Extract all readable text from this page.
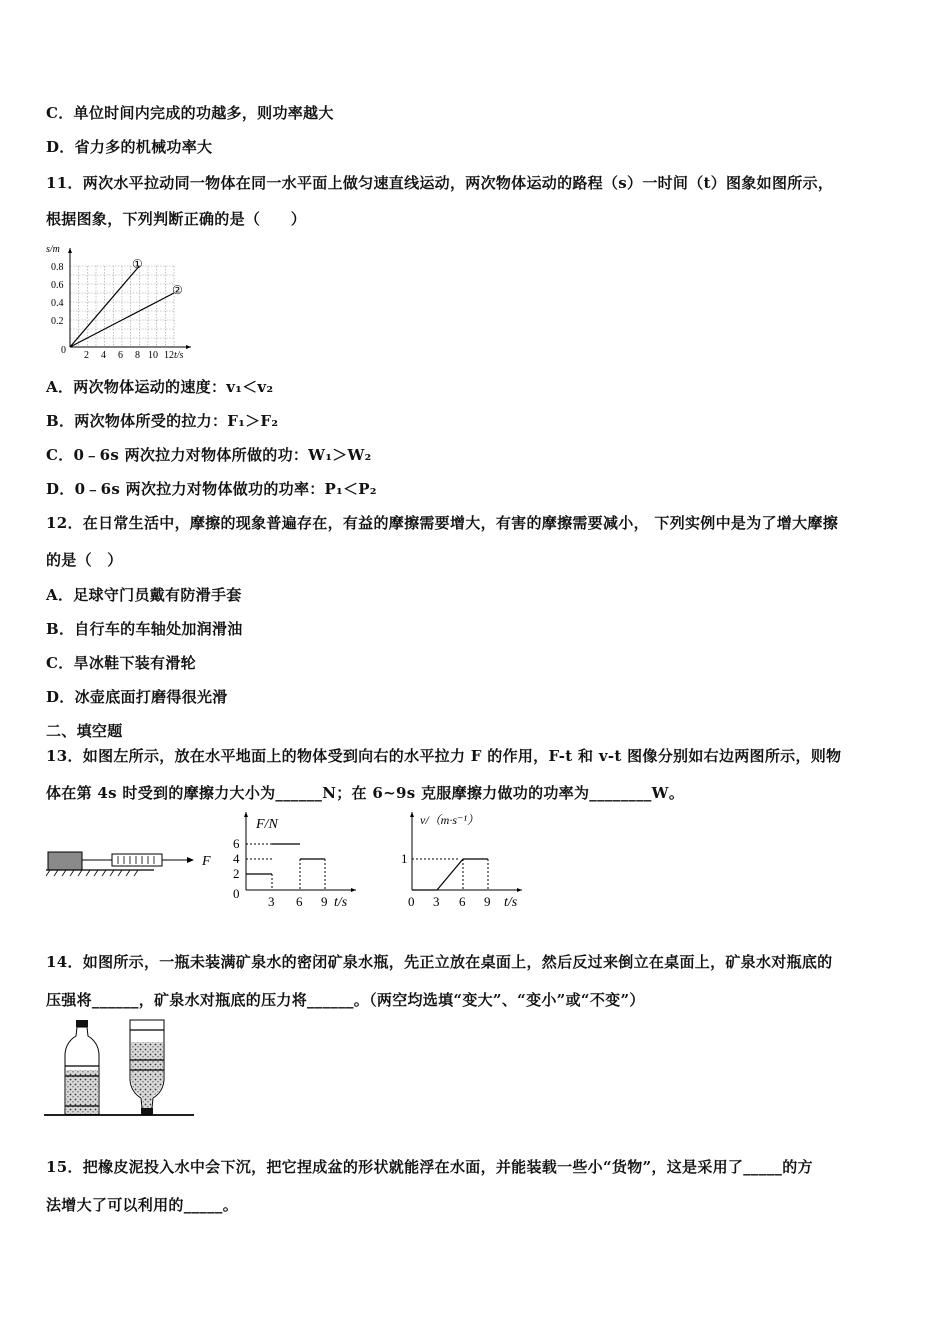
C．单位时间内完成的功越多，则功率越大
D．省力多的机械功率大
11．两次水平拉动同一物体在同一水平面上做匀速直线运动，两次物体运动的路程（s）一时间（t）图象如图所示，
根据图象，下列判断正确的是（　　）
s/m
t/s
0
0.8
0.6
0.4
0.2
2 4 6 8 10 12
①
②
A．两次物体运动的速度：v₁＜v₂
B．两次物体所受的拉力：F₁＞F₂
C．0﹣6s 两次拉力对物体所做的功：W₁＞W₂
D．0﹣6s 两次拉力对物体做功的功率：P₁＜P₂
12．在日常生活中，摩擦的现象普遍存在，有益的摩擦需要增大，有害的摩擦需要减小， 下列实例中是为了增大摩擦
的是（　）
A．足球守门员戴有防滑手套
B．自行车的车轴处加润滑油
C．旱冰鞋下装有滑轮
D．冰壶底面打磨得很光滑
二、填空题
13．如图左所示，放在水平地面上的物体受到向右的水平拉力 F 的作用，F-t 和 v-t 图像分别如右边两图所示，则物
体在第 4s 时受到的摩擦力大小为______N；在 6~9s 克服摩擦力做功的功率为________W。
F
F/N
t/s
6
4
2
0
3 6 9
v/（m·s⁻¹）
t/s
1
0 3 6 9
14．如图所示，一瓶未装满矿泉水的密闭矿泉水瓶，先正立放在桌面上，然后反过来倒立在桌面上，矿泉水对瓶底的
压强将______，矿泉水对瓶底的压力将______。（两空均选填“变大”、“变小”或“不变”）
15．把橡皮泥投入水中会下沉，把它捏成盆的形状就能浮在水面，并能装载一些小“货物”，这是采用了_____的方
法增大了可以利用的_____。
